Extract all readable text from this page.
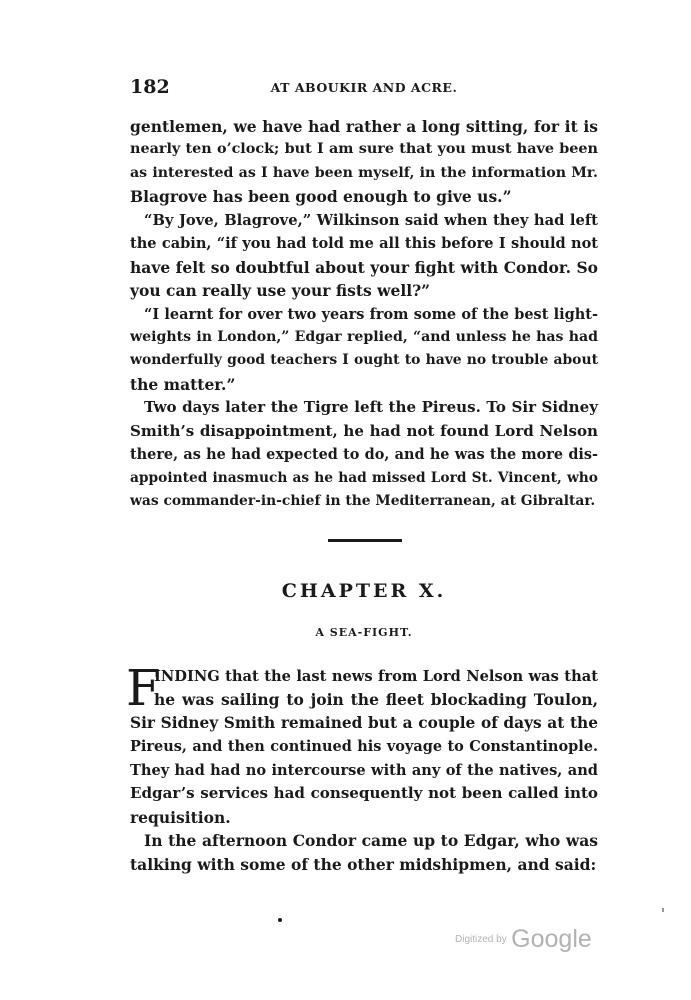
182	AT ABOUKIR AND ACRE.
gentlemen, we have had rather a long sitting, for it is
nearly ten o’clock; but I am sure that you must have been
as interested as I have been myself, in the information Mr.
Blagrove has been good enough to give us.”
“By Jove, Blagrove,” Wilkinson said when they had left
the cabin, “if you had told me all this before I should not
have felt so doubtful about your fight with Condor. So
you can really use your fists well?”
“I learnt for over two years from some of the best light-
weights in London,” Edgar replied, “and unless he has had
wonderfully good teachers I ought to have no trouble about
the matter.”
Two days later the Tigre left the Pireus. To Sir Sidney
Smith’s disappointment, he had not found Lord Nelson
there, as he had expected to do, and he was the more dis-
appointed inasmuch as he had missed Lord St. Vincent, who
was commander-in-chief in the Mediterranean, at Gibraltar.
CHAPTER X.
A SEA-FIGHT.
F
INDING that the last news from Lord Nelson was that
he was sailing to join the fleet blockading Toulon,
Sir Sidney Smith remained but a couple of days at the
Pireus, and then continued his voyage to Constantinople.
They had had no intercourse with any of the natives, and
Edgar’s services had consequently not been called into
requisition.
In the afternoon Condor came up to Edgar, who was
talking with some of the other midshipmen, and said:
Digitized by Google
